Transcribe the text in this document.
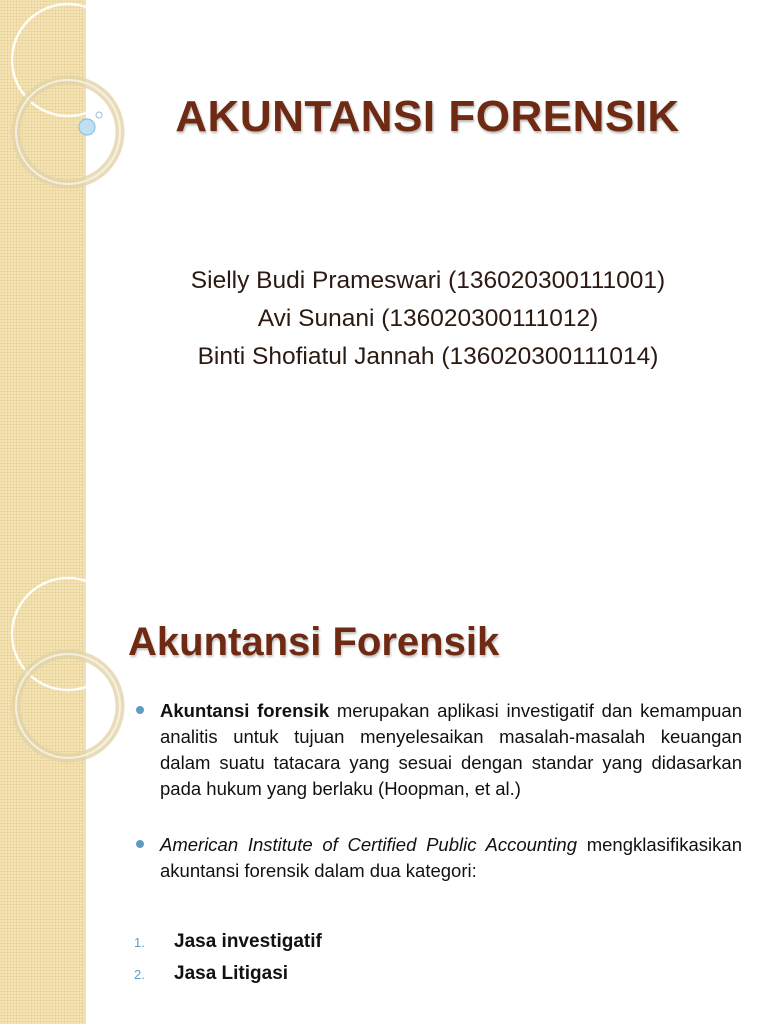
AKUNTANSI FORENSIK
Sielly Budi Prameswari (136020300111001)
Avi Sunani (136020300111012)
Binti Shofiatul Jannah (136020300111014)
Akuntansi Forensik
Akuntansi forensik merupakan aplikasi investigatif dan kemampuan analitis untuk tujuan menyelesaikan masalah-masalah keuangan dalam suatu tatacara yang sesuai dengan standar yang didasarkan pada hukum yang berlaku (Hoopman, et al.)
American Institute of Certified Public Accounting mengklasifikasikan akuntansi forensik dalam dua kategori:
1. Jasa investigatif
2. Jasa Litigasi
